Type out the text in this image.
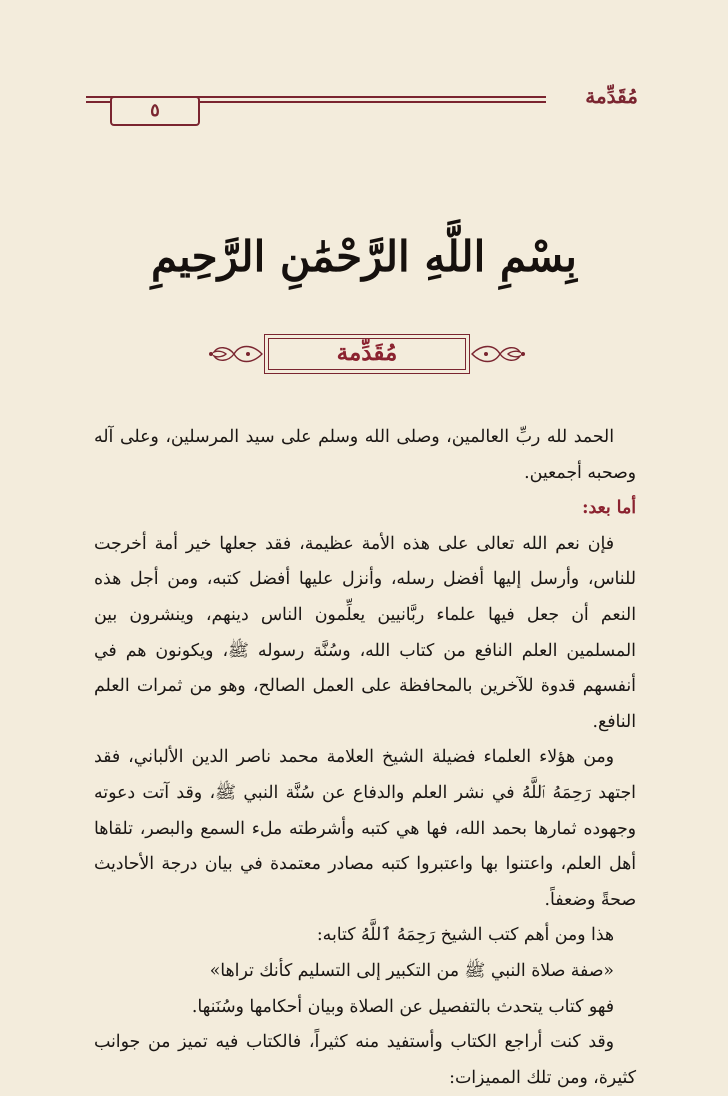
مُقَدِّمة
٥
بِسْمِ اللَّهِ الرَّحْمَٰنِ الرَّحِيمِ
مُقَدِّمة

الحمد لله ربِّ العالمين، وصلى الله وسلم على سيد المرسلين، وعلى آله وصحبه أجمعين.

أما بعد:

فإن نعم الله تعالى على هذه الأمة عظيمة، فقد جعلها خير أمة أخرجت للناس، وأرسل إليها أفضل رسله، وأنزل عليها أفضل كتبه، ومن أجل هذه النعم أن جعل فيها علماء ربَّانيين يعلِّمون الناس دينهم، وينشرون بين المسلمين العلم النافع من كتاب الله، وسُنَّة رسوله ﷺ، ويكونون هم في أنفسهم قدوة للآخرين بالمحافظة على العمل الصالح، وهو من ثمرات العلم النافع.

ومن هؤلاء العلماء فضيلة الشيخ العلامة محمد ناصر الدين الألباني، فقد اجتهد رَحِمَهُ ٱللَّهُ في نشر العلم والدفاع عن سُنَّة النبي ﷺ، وقد آتت دعوته وجهوده ثمارها بحمد الله، فها هي كتبه وأشرطته ملء السمع والبصر، تلقاها أهل العلم، واعتنوا بها واعتبروا كتبه مصادر معتمدة في بيان درجة الأحاديث صحةً وضعفاً.

هذا ومن أهم كتب الشيخ رَحِمَهُ ٱللَّهُ كتابه:

«صفة صلاة النبي ﷺ من التكبير إلى التسليم كأنك تراها»

فهو كتاب يتحدث بالتفصيل عن الصلاة وبيان أحكامها وسُنَنها.

وقد كنت أراجع الكتاب وأستفيد منه كثيراً، فالكتاب فيه تميز من جوانب كثيرة، ومن تلك المميزات:
